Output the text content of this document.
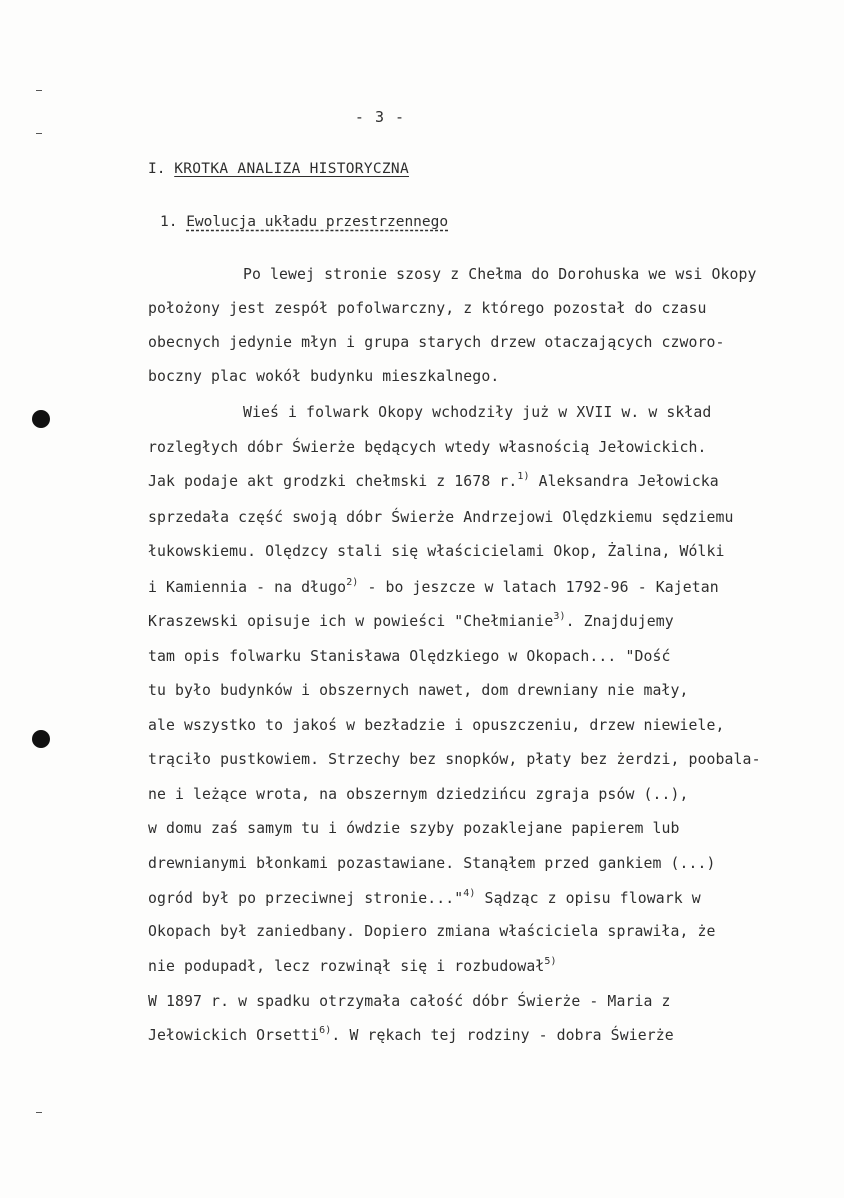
- 3 -
I. KROTKA ANALIZA HISTORYCZNA
1. Ewolucja układu przestrzennego
Po lewej stronie szosy z Chełma do Dorohuska we wsi Okopy
położony jest zespół pofolwarczny, z którego pozostał do czasu
obecnych jedynie młyn i grupa starych drzew otaczających czworo-
boczny plac wokół budynku mieszkalnego.
Wieś i folwark Okopy wchodziły już w XVII w. w skład
rozległych dóbr Świerże będących wtedy własnością Jełowickich.
Jak podaje akt grodzki chełmski z 1678 r.$^{1)}$ Aleksandra Jełowicka
sprzedała część swoją dóbr Świerże Andrzejowi Olędzkiemu sędziemu
łukowskiemu. Olędzcy stali się właścicielami Okop, Żalina, Wólki
i Kamiennia - na długo$^{2)}$ - bo jeszcze w latach 1792-96 - Kajetan
Kraszewski opisuje ich w powieści "Chełmianie$^{3)}$. Znajdujemy
tam opis folwarku Stanisława Olędzkiego w Okopach... "Dość
tu było budynków i obszernych nawet, dom drewniany nie mały,
ale wszystko to jakoś w bezładzie i opuszczeniu, drzew niewiele,
trąciło pustkowiem. Strzechy bez snopków, płaty bez żerdzi, poobala-
ne i leżące wrota, na obszernym dziedzińcu zgraja psów (..),
w domu zaś samym tu i ówdzie szyby pozaklejane papierem lub
drewnianymi błonkami pozastawiane. Stanąłem przed gankiem (...)
ogród był po przeciwnej stronie..."$^{4)}$ Sądząc z opisu flowark w
Okopach był zaniedbany. Dopiero zmiana właściciela sprawiła, że
nie podupadł, lecz rozwinął się i rozbudował$^{5)}$
W 1897 r. w spadku otrzymała całość dóbr Świerże - Maria z
Jełowickich Orsetti$^{6)}$. W rękach tej rodziny - dobra Świerże
